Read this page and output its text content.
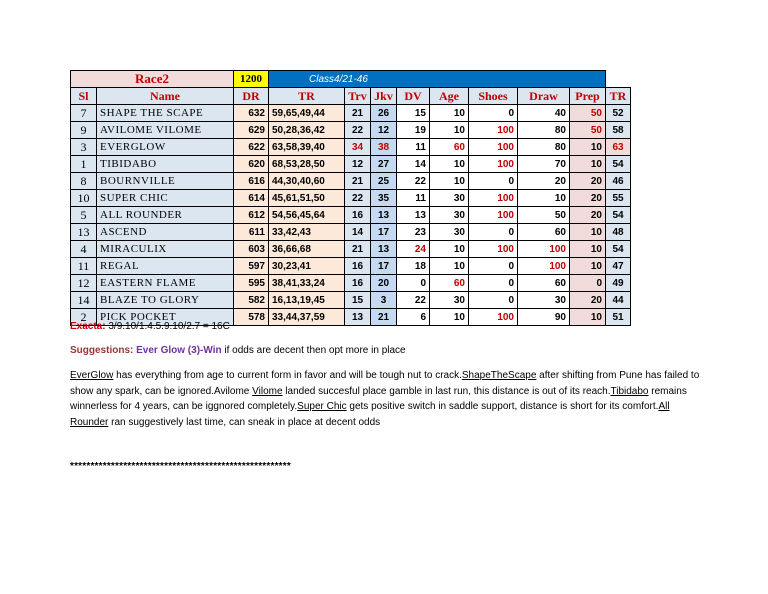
Race2		1200	Class4/21-46								
Sl	Name	DR	TR	Trv	Jkv	DV	Age	Shoes	Draw	Prep	TR
7	SHAPE THE SCAPE	632	59,65,49,44	21	26	15	10	0	40	50	52
9	AVILOME VILOME	629	50,28,36,42	22	12	19	10	100	80	50	58
3	EVERGLOW	622	63,58,39,40	34	38	11	60	100	80	10	63
1	TIBIDABO	620	68,53,28,50	12	27	14	10	100	70	10	54
8	BOURNVILLE	616	44,30,40,60	21	25	22	10	0	20	20	46
10	SUPER CHIC	614	45,61,51,50	22	35	11	30	100	10	20	55
5	ALL ROUNDER	612	54,56,45,64	16	13	13	30	100	50	20	54
13	ASCEND	611	33,42,43	14	17	23	30	0	60	10	48
4	MIRACULIX	603	36,66,68	21	13	24	10	100	100	10	54
11	REGAL	597	30,23,41	16	17	18	10	0	100	10	47
12	EASTERN FLAME	595	38,41,33,24	16	20	0	60	0	60	0	49
14	BLAZE TO GLORY	582	16,13,19,45	15	3	22	30	0	30	20	44
2	PICK POCKET	578	33,44,37,59	13	21	6	10	100	90	10	51
Exacta: 3/9.10/1.4.5.9.10/2.7 = 16C
Suggestions: Ever Glow (3)-Win if odds are decent then opt more in place
EverGlow has everything from age to current form in favor and will be tough nut to crack.ShapeTheScape after shifting from Pune has failed to show any spark, can be ignored.Avilome Vilome landed succesful place gamble in last run, this distance is out of its reach.Tibidabo remains winnerless for 4 years, can be iggnored completely.Super Chic gets positive switch in saddle support, distance is short for its comfort.All Rounder ran suggestively last time, can sneak in place at decent odds
******************************************************
